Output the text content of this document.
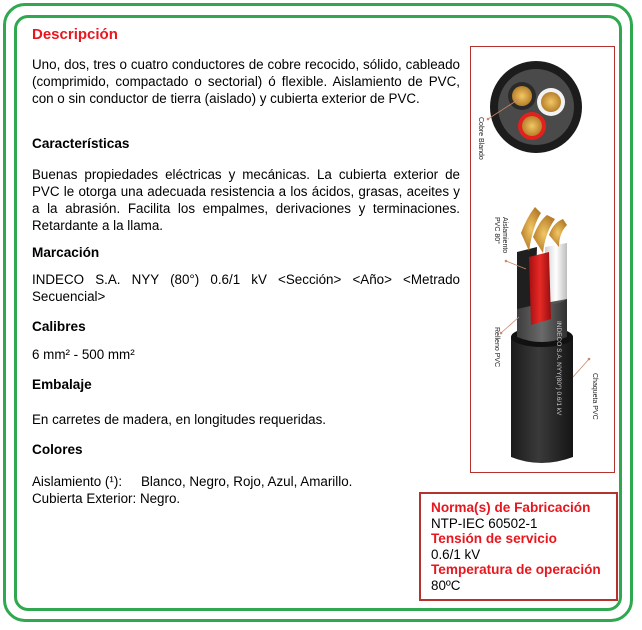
Descripción
Uno, dos, tres o cuatro conductores de cobre recocido, sólido, cableado (comprimido, compactado o sectorial) ó flexible. Aislamiento de PVC, con o sin conductor de tierra (aislado) y cubierta exterior de PVC.
Características
Buenas propiedades eléctricas y mecánicas. La cubierta exterior de PVC le otorga una adecuada resistencia a los ácidos, grasas, aceites y a la abrasión. Facilita los empalmes, derivaciones y terminaciones. Retardante a la llama.
Marcación
INDECO S.A. NYY (80°) 0.6/1 kV <Sección> <Año> <Metrado Secuencial>
Calibres
6 mm² - 500 mm²
Embalaje
En carretes de madera, en longitudes requeridas.
Colores
Aislamiento (¹):	Blanco, Negro, Rojo, Azul, Amarillo.
Cubierta Exterior: Negro.
Cobre Blando
INDECO S.A. NYY(80°) 0.6/1 kV
Aislamiento
PVC 80°
Relleno PVC
Chaqueta PVC
Norma(s) de Fabricación
NTP-IEC 60502-1
Tensión de servicio
0.6/1 kV
Temperatura de operación
80ºC
